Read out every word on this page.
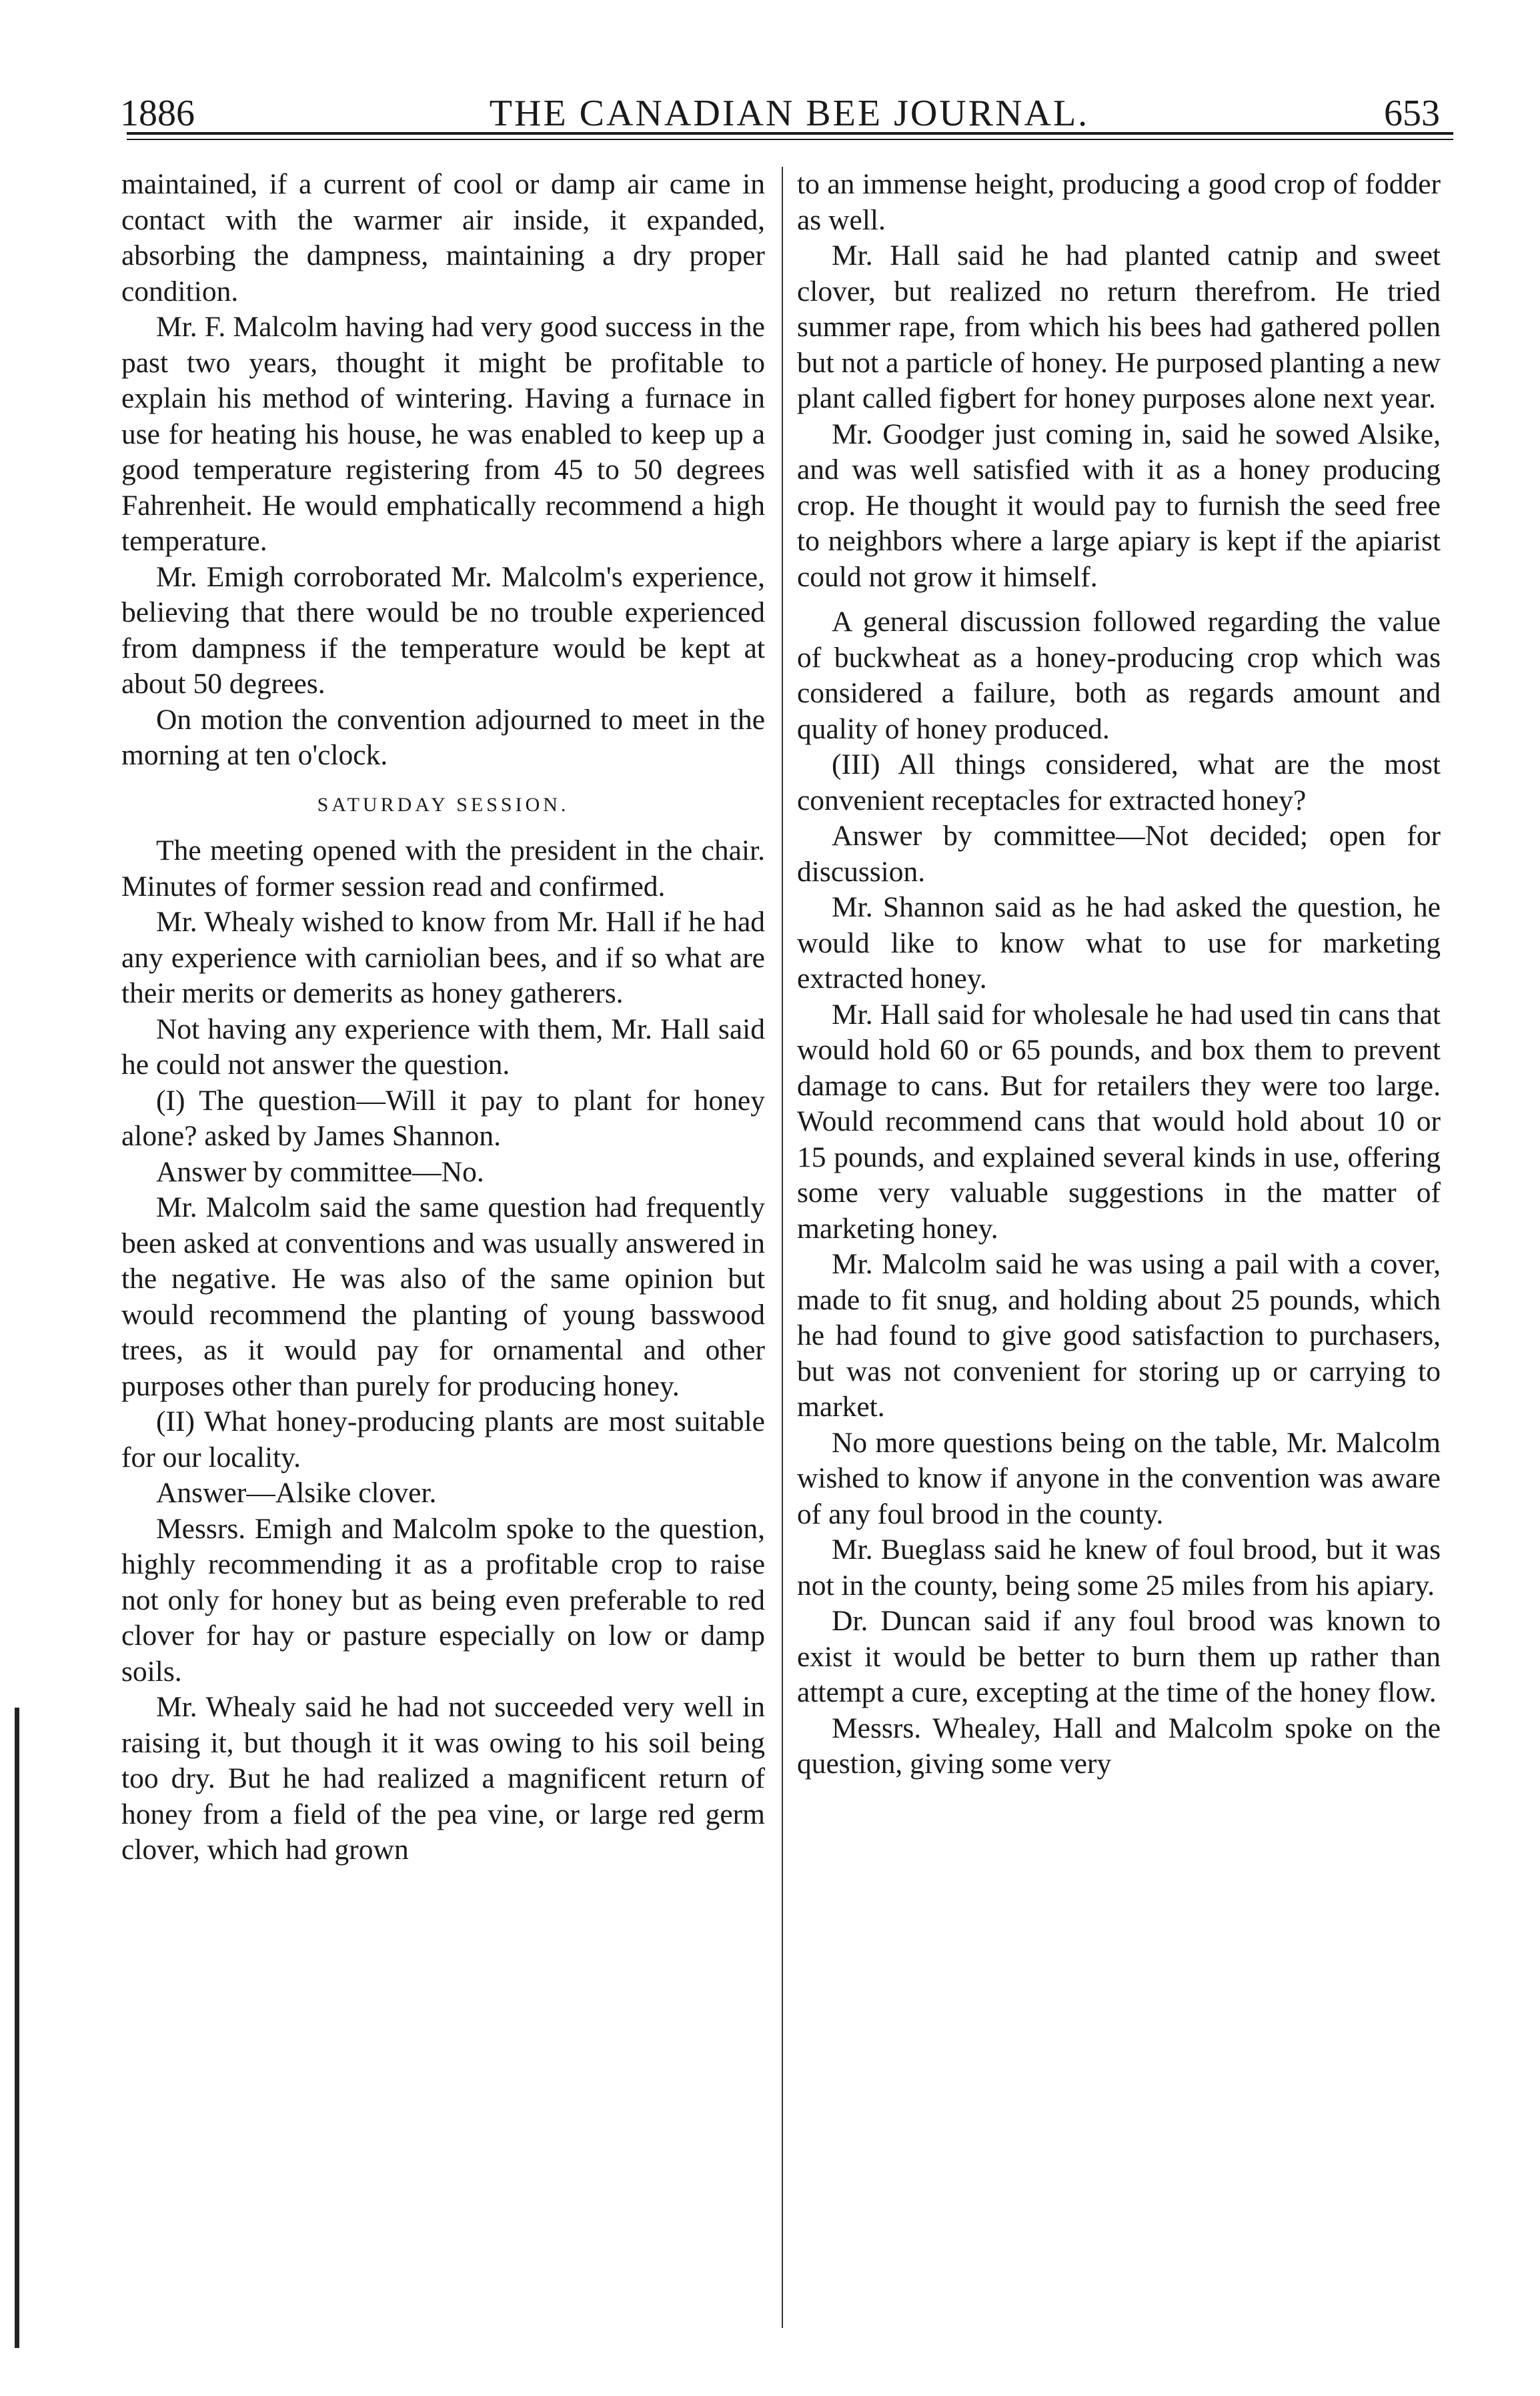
1886	THE CANADIAN BEE JOURNAL.	653

maintained, if a current of cool or damp air came in contact with the warmer air inside, it expanded, absorbing the dampness, maintaining a dry proper condition.

Mr. F. Malcolm having had very good success in the past two years, thought it might be profitable to explain his method of wintering. Having a furnace in use for heating his house, he was enabled to keep up a good temperature registering from 45 to 50 degrees Fahrenheit. He would emphatically recommend a high temperature.

Mr. Emigh corroborated Mr. Malcolm's experience, believing that there would be no trouble experienced from dampness if the temperature would be kept at about 50 degrees.

On motion the convention adjourned to meet in the morning at ten o'clock.

SATURDAY SESSION.

The meeting opened with the president in the chair. Minutes of former session read and confirmed.

Mr. Whealy wished to know from Mr. Hall if he had any experience with carniolian bees, and if so what are their merits or demerits as honey gatherers.

Not having any experience with them, Mr. Hall said he could not answer the question.

(I) The question—Will it pay to plant for honey alone? asked by James Shannon.

Answer by committee—No.

Mr. Malcolm said the same question had frequently been asked at conventions and was usually answered in the negative. He was also of the same opinion but would recommend the planting of young basswood trees, as it would pay for ornamental and other purposes other than purely for producing honey.

(II) What honey-producing plants are most suitable for our locality.

Answer—Alsike clover.

Messrs. Emigh and Malcolm spoke to the question, highly recommending it as a profitable crop to raise not only for honey but as being even preferable to red clover for hay or pasture especially on low or damp soils.

Mr. Whealy said he had not succeeded very well in raising it, but though it it was owing to his soil being too dry. But he had realized a magnificent return of honey from a field of the pea vine, or large red germ clover, which had grown

to an immense height, producing a good crop of fodder as well.

Mr. Hall said he had planted catnip and sweet clover, but realized no return therefrom. He tried summer rape, from which his bees had gathered pollen but not a particle of honey. He purposed planting a new plant called figbert for honey purposes alone next year.

Mr. Goodger just coming in, said he sowed Alsike, and was well satisfied with it as a honey producing crop. He thought it would pay to furnish the seed free to neighbors where a large apiary is kept if the apiarist could not grow it himself.

A general discussion followed regarding the value of buckwheat as a honey-producing crop which was considered a failure, both as regards amount and quality of honey produced.

(III) All things considered, what are the most convenient receptacles for extracted honey?

Answer by committee—Not decided; open for discussion.

Mr. Shannon said as he had asked the question, he would like to know what to use for marketing extracted honey.

Mr. Hall said for wholesale he had used tin cans that would hold 60 or 65 pounds, and box them to prevent damage to cans. But for retailers they were too large. Would recommend cans that would hold about 10 or 15 pounds, and explained several kinds in use, offering some very valuable suggestions in the matter of marketing honey.

Mr. Malcolm said he was using a pail with a cover, made to fit snug, and holding about 25 pounds, which he had found to give good satisfaction to purchasers, but was not convenient for storing up or carrying to market.

No more questions being on the table, Mr. Malcolm wished to know if anyone in the convention was aware of any foul brood in the county.

Mr. Bueglass said he knew of foul brood, but it was not in the county, being some 25 miles from his apiary.

Dr. Duncan said if any foul brood was known to exist it would be better to burn them up rather than attempt a cure, excepting at the time of the honey flow.

Messrs. Whealey, Hall and Malcolm spoke on the question, giving some very
